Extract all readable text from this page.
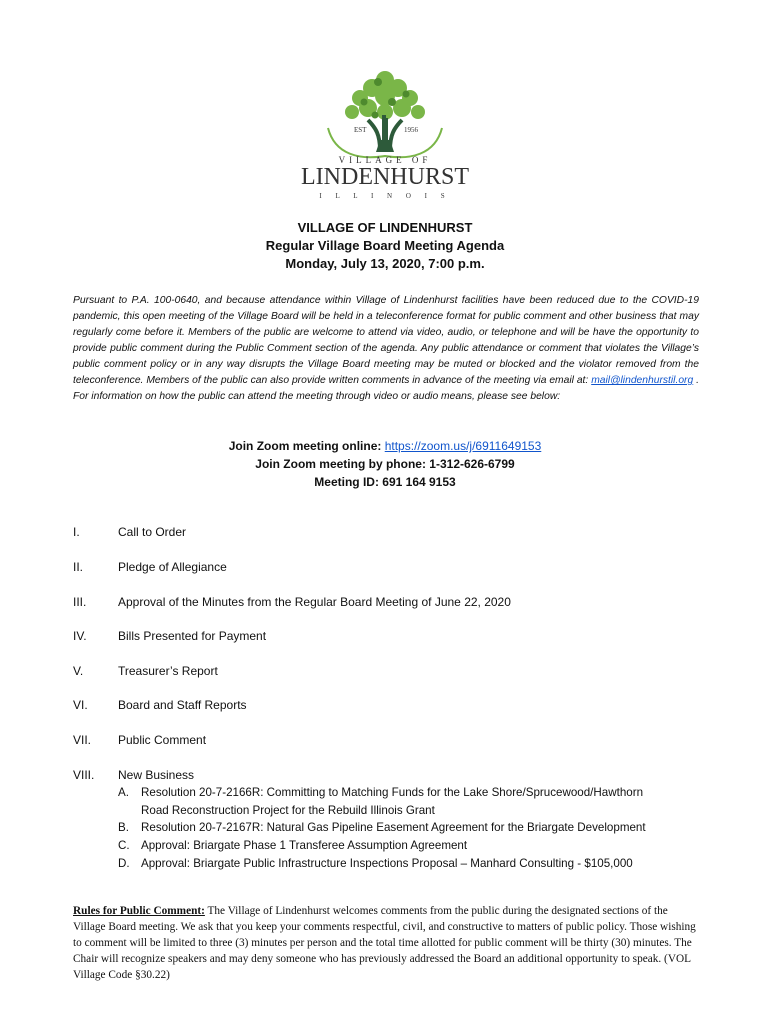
EST	1956
VILLAGE OF
LINDENHURST
I L L I N O I S
VILLAGE OF LINDENHURST
Regular Village Board Meeting Agenda
Monday, July 13, 2020, 7:00 p.m.
Pursuant to P.A. 100-0640, and because attendance within Village of Lindenhurst facilities have been reduced due to the COVID-19 pandemic, this open meeting of the Village Board will be held in a teleconference format for public comment and other business that may regularly come before it. Members of the public are welcome to attend via video, audio, or telephone and will be have the opportunity to provide public comment during the Public Comment section of the agenda. Any public attendance or comment that violates the Village’s public comment policy or in any way disrupts the Village Board meeting may be muted or blocked and the violator removed from the teleconference. Members of the public can also provide written comments in advance of the meeting via email at: mail@lindenhurstil.org . For information on how the public can attend the meeting through video or audio means, please see below:
Join Zoom meeting online: https://zoom.us/j/6911649153
Join Zoom meeting by phone: 1-312-626-6799
Meeting ID: 691 164 9153
I.	Call to Order
II.	Pledge of Allegiance
III.	Approval of the Minutes from the Regular Board Meeting of June 22, 2020
IV.	Bills Presented for Payment
V.	Treasurer’s Report
VI.	Board and Staff Reports
VII.	Public Comment
VIII.	New Business
A. Resolution 20-7-2166R: Committing to Matching Funds for the Lake Shore/Sprucewood/Hawthorn
Road Reconstruction Project for the Rebuild Illinois Grant
B. Resolution 20-7-2167R: Natural Gas Pipeline Easement Agreement for the Briargate Development
C. Approval: Briargate Phase 1 Transferee Assumption Agreement
D. Approval: Briargate Public Infrastructure Inspections Proposal – Manhard Consulting - $105,000
Rules for Public Comment: The Village of Lindenhurst welcomes comments from the public during the designated sections of the Village Board meeting. We ask that you keep your comments respectful, civil, and constructive to matters of public policy. Those wishing to comment will be limited to three (3) minutes per person and the total time allotted for public comment will be thirty (30) minutes. The Chair will recognize speakers and may deny someone who has previously addressed the Board an additional opportunity to speak. (VOL Village Code §30.22)
